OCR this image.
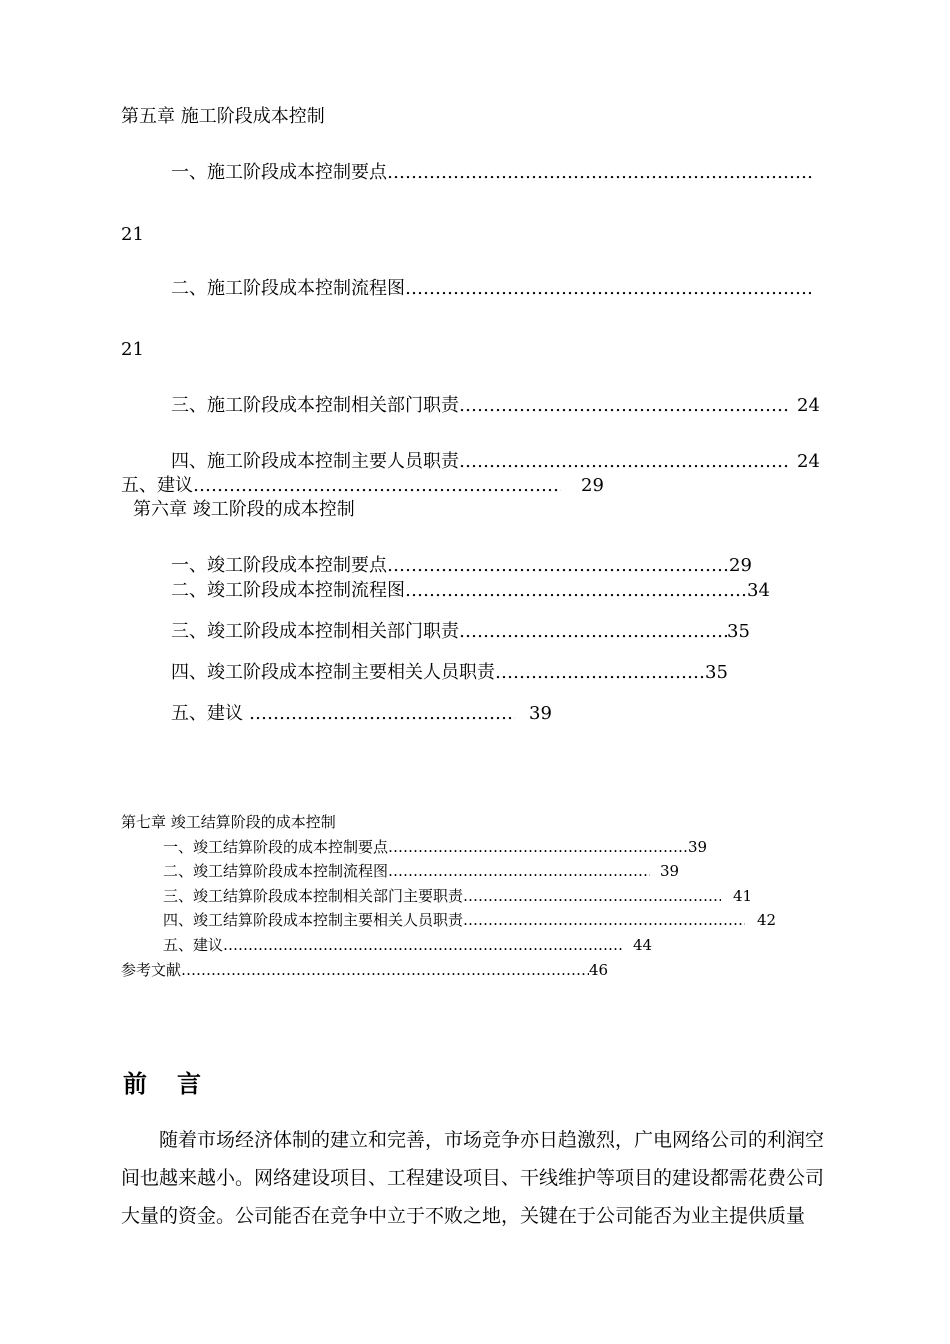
第五章 施工阶段成本控制
一、施工阶段成本控制要点
……………………………………………………………………………………………………………………………………………………………………
21
二、施工阶段成本控制流程图
……………………………………………………………………………………………………………………………………………………………………
21
三、施工阶段成本控制相关部门职责 ……………………………………………………………………………………………………………………………………………………………………	24
四、施工阶段成本控制主要人员职责 ……………………………………………………………………………………………………………………………………………………………………	24
五、建议 ……………………………………………………………………………………………………………………………………………………………………	29
第六章 竣工阶段的成本控制
一、竣工阶段成本控制要点 ……………………………………………………………………………………………………………………………………………………………………	29
二、竣工阶段成本控制流程图 ……………………………………………………………………………………………………………………………………………………………………	34
三、竣工阶段成本控制相关部门职责 ……………………………………………………………………………………………………………………………………………………………………	35
四、竣工阶段成本控制主要相关人员职责 ……………………………………………………………………………………………………………………………………………………………………	35
五、建议 ……………………………………………………………………………………………………………………………………………………………………	39
第七章 竣工结算阶段的成本控制
一、竣工结算阶段的成本控制要点 ……………………………………………………………………………………………………………………………………………………………………	39
二、竣工结算阶段成本控制流程图 ……………………………………………………………………………………………………………………………………………………………………	39
三、竣工结算阶段成本控制相关部门主要职责 ……………………………………………………………………………………………………………………………………………………………………	41
四、竣工结算阶段成本控制主要相关人员职责 ……………………………………………………………………………………………………………………………………………………………………	42
五、建议 ……………………………………………………………………………………………………………………………………………………………………	44
参考文献 ……………………………………………………………………………………………………………………………………………………………………	46
前言
随着市场经济体制的建立和完善，市场竞争亦日趋激烈，广电网络公司的利润空间也越来越小。网络建设项目、工程建设项目、干线维护等项目的建设都需花费公司大量的资金。公司能否在竞争中立于不败之地，关键在于公司能否为业主提供质量
